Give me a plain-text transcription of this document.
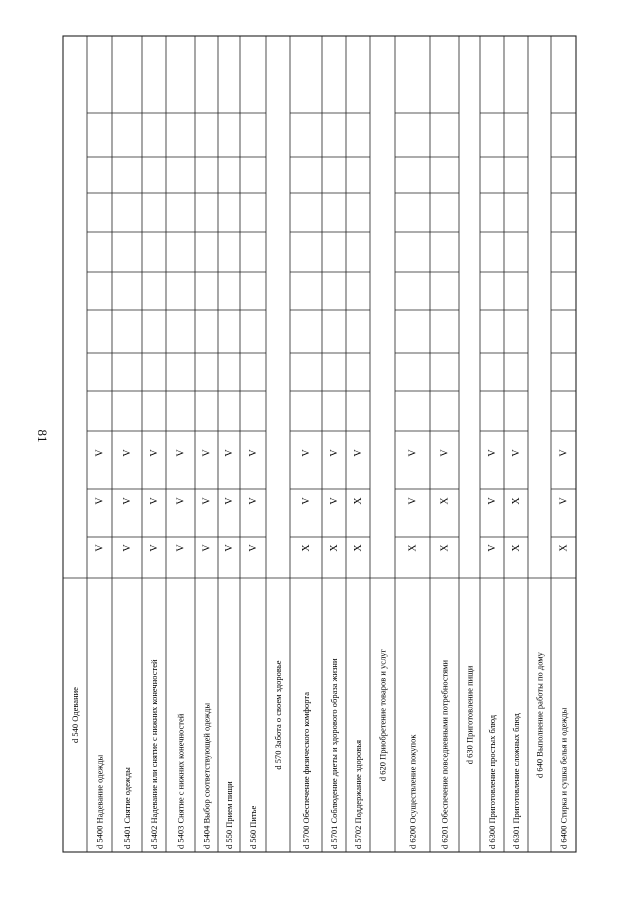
81
d 540 Одевание
d 5400 Надевание одежды
V
V
V
d 5401 Снятие одежды
V
V
V
d 5402 Надевание или снятие с нижних конечностей
V
V
V
d 5403 Снятие с нижних конечностей
V
V
V
d 5404 Выбор соответствующей одежды
V
V
V
d 550 Прием пищи
V
V
V
d 560 Питье
V
V
V
d 570 Забота о своем здоровье d 5700 Обеспечение физического комфорта
X
V
V
d 5701 Соблюдение диеты и здорового образа жизни
X
V
V
d 5702 Поддержание здоровья
X
X
V
d 620 Приобретение товаров и услуг
d 6200 Осуществление покупок
X
V
V
d 6201 Обеспечение повседневными потребностями
X
X
V
d 630 Приготовление пищи d 6300 Приготовление простых блюд
V
V
V
d 6301 Приготовление сложных блюд
X
X
V
d 640 Выполнение работы по дому d 6400 Стирка и сушка белья и одежды
X
V
V
